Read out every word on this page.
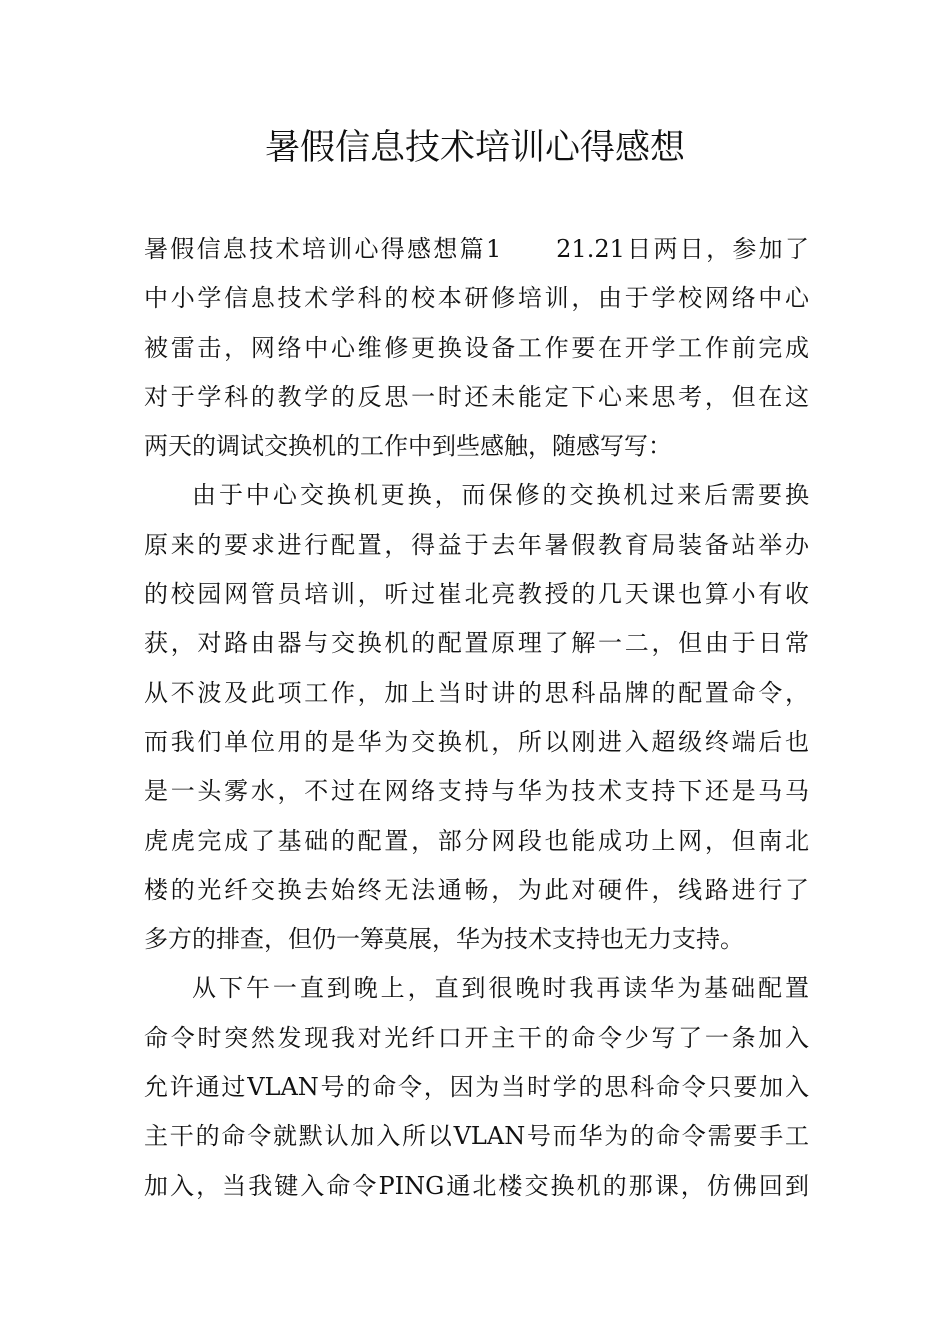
暑假信息技术培训心得感想
暑假信息技术培训心得感想篇1　　21.21日两日，参加了
中小学信息技术学科的校本研修培训，由于学校网络中心
被雷击，网络中心维修更换设备工作要在开学工作前完成
对于学科的教学的反思一时还未能定下心来思考，但在这
两天的调试交换机的工作中到些感触，随感写写：
由于中心交换机更换，而保修的交换机过来后需要换
原来的要求进行配置，得益于去年暑假教育局装备站举办
的校园网管员培训，听过崔北亮教授的几天课也算小有收
获，对路由器与交换机的配置原理了解一二，但由于日常
从不波及此项工作，加上当时讲的思科品牌的配置命令，
而我们单位用的是华为交换机，所以刚进入超级终端后也
是一头雾水，不过在网络支持与华为技术支持下还是马马
虎虎完成了基础的配置，部分网段也能成功上网，但南北
楼的光纤交换去始终无法通畅，为此对硬件，线路进行了
多方的排查，但仍一筹莫展，华为技术支持也无力支持。
从下午一直到晚上，直到很晚时我再读华为基础配置
命令时突然发现我对光纤口开主干的命令少写了一条加入
允许通过VLAN号的命令，因为当时学的思科命令只要加入
主干的命令就默认加入所以VLAN号而华为的命令需要手工
加入，当我键入命令PING通北楼交换机的那课，仿佛回到
